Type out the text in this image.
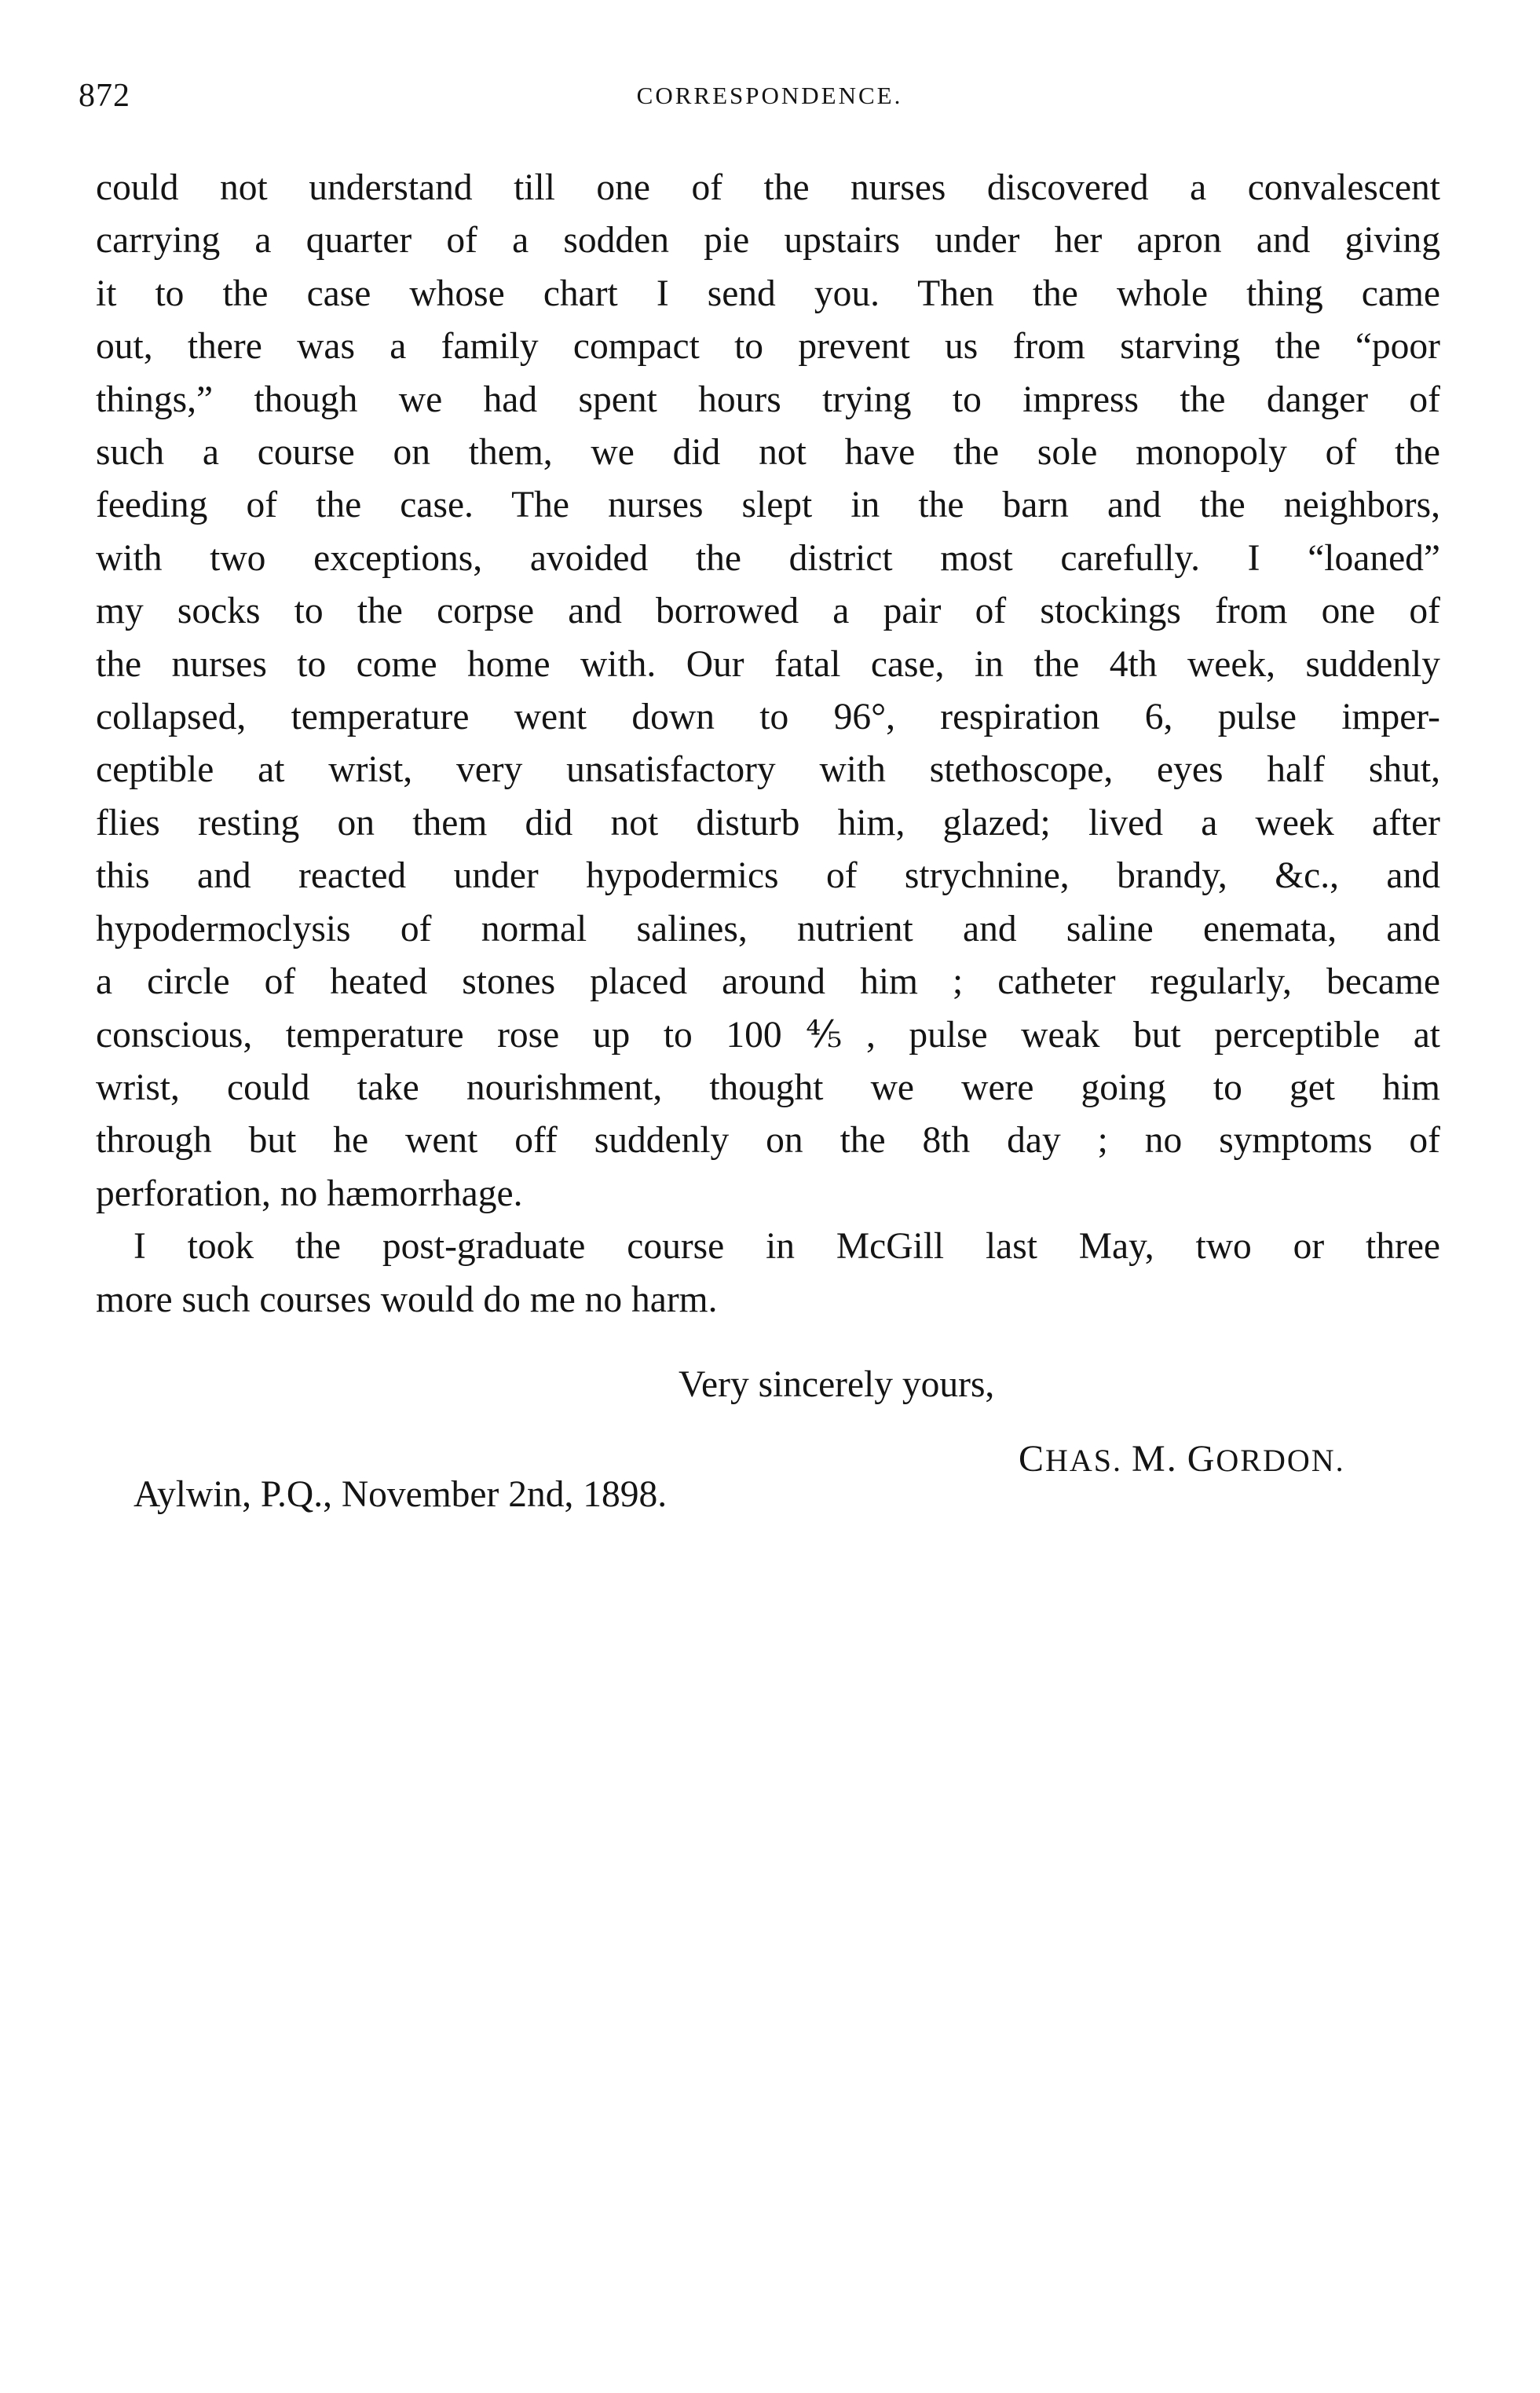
872	CORRESPONDENCE.

could not understand till one of the nurses discovered a convalescent
carrying a quarter of a sodden pie upstairs under her apron and giving
it to the case whose chart I send you. Then the whole thing came
out, there was a family compact to prevent us from starving the “poor
things,” though we had spent hours trying to impress the danger of
such a course on them, we did not have the sole monopoly of the
feeding of the case. The nurses slept in the barn and the neighbors,
with two exceptions, avoided the district most carefully. I “loaned”
my socks to the corpse and borrowed a pair of stockings from one of
the nurses to come home with. Our fatal case, in the 4th week, suddenly
collapsed, temperature went down to 96°, respiration 6, pulse imper-
ceptible at wrist, very unsatisfactory with stethoscope, eyes half shut,
flies resting on them did not disturb him, glazed; lived a week after
this and reacted under hypodermics of strychnine, brandy, &c., and
hypodermoclysis of normal salines, nutrient and saline enemata, and
a circle of heated stones placed around him ; catheter regularly, became
conscious, temperature rose up to 100⅘, pulse weak but perceptible at
wrist, could take nourishment, thought we were going to get him
through but he went off suddenly on the 8th day ; no symptoms of
perforation, no hæmorrhage.

I took the post-graduate course in McGill last May, two or three
more such courses would do me no harm.

Very sincerely yours,
CHAS. M. GORDON.
Aylwin, P.Q., November 2nd, 1898.
